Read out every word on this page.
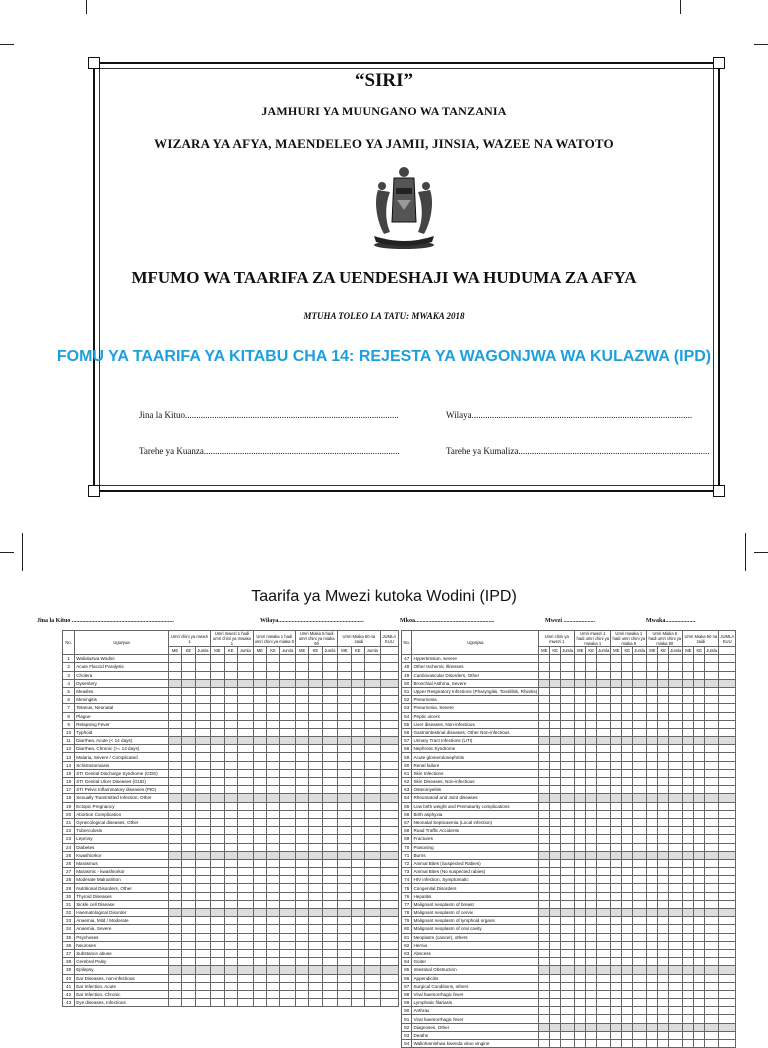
“SIRI”
JAMHURI YA MUUNGANO WA TANZANIA
WIZARA YA AFYA, MAENDELEO YA JAMII, JINSIA, WAZEE NA WATOTO
MFUMO WA TAARIFA ZA UENDESHAJI WA HUDUMA ZA AFYA
MTUHA TOLEO LA TATU: MWAKA 2018
FOMU YA TAARIFA YA KITABU CHA 14: REJESTA YA WAGONJWA WA KULAZWA (IPD)
Jina la Kituo...............................................................................................	Wilaya..................................................................................................
Tarehe ya Kuanza.......................................................................................	Tarehe ya Kumaliza.....................................................................................
Taarifa ya Mwezi kutoka Wodini (IPD)
Jina la Kituo ....................................................................	Wilaya.........................................................	Mkoa.....................................................	Mwezi .....................	Mwaka....................
No.	Ugonjwa	Umri chini ya mwezi 1			Umri mwezi 1 hadi umri chini ya mwaka 1			Umri mwaka 1 hadi umri chini ya miaka 5			Umri Miaka 5 hadi umri chini ya miaka 60			Umri Miaka 60 na zaidi			JUMLA KUU
		ME	KE	Jumla	ME	KE	Jumla	ME	KE	Jumla	ME	KE	Jumla	ME	KE	Jumla	
1	Waliolazwa Wodini																
2	Acute Flaccid Paralysis																
3	Cholera																
4	Dysentery																
5	Measles																
6	Meningitis																
7	Tetanus, Neonatal																
8	Plague																
9	Relapsing Fever																
10	Typhoid																
11	Diarrhea, Acute (< 14 days)																
12	Diarrhea, Chronic (>= 14 days)																
13	Malaria, Severe / Complicated																
14	Schistosomiasis																
15	STI Genital Discharge Syndrome (GDS)																
16	STI Genital Ulcer Diseases (GUD)																
17	STI Pelvic Inflammatory diseases (PID)																
18	Sexually Transmitted Infection, Other																
19	Ectopic Pregnancy																
20	Abortion Complication																
21	Gynecological diseases, Other																
22	Tuberculosis																
23	Leprosy																
24	Diabetes																
25	Kwashiorkor																
26	Marasmus																
27	Marasmic - kwashiorkor																
28	Moderate Malnutrition																
29	Nutritional Disorders, Other																
30	Thyroid Diseases																
31	Sickle cell Disease																
32	Haematological Disorder																
33	Anaemia, Mild / Moderate																
34	Anaemia, Severe																
35	Psychoses																
36	Neuroses																
37	Substance abuse																
38	Cerebral Palsy																
39	Epilepsy																
40	Ear Diseases, non-infectious																
41	Ear Infection, Acute																
42	Ear Infection, Chronic																
43	Eye diseases, Infectious																
No.	Ugonjwa	Umri chini ya mwezi 1			Umri mwezi 1 hadi umri chini ya mwaka 1			Umri mwaka 1 hadi umri chini ya miaka 5			Umri Miaka 5 hadi umri chini ya miaka 60			Umri Miaka 60 na zaidi			JUMLA KUU
		ME	KE	Jumla	ME	KE	Jumla	ME	KE	Jumla	ME	KE	Jumla	ME	KE	Jumla	
47	Hypertension, severe																
48	Other Ischemic Illnesses																
49	Cardiovascular Disorders, Other																
50	Bronchial Asthma, Severe																
51	Upper Respiratory Infections (Pharyngitis, Tonsillitis, Rhinitis)																
52	Pneumonia																
53	Pneumonia, Severe																
54	Peptic ulcers																
55	Liver diseases, Non-infectious																
56	Gastrointestinal diseases, Other Non-infectious																
57	Urinary Tract Infections (UTI)																
58	Nephrotic Syndrome																
59	Acute glomerulonephritis																
60	Renal failure																
61	Skin Infections																
62	Skin Diseases, Non-infectious																
63	Osteomyelitis																
64	Rheumatoid and Joint diseases																
65	Low birth weight and Prematurity complications																
66	Birth asphyxia																
67	Neonatal Septicaemia (Local infection)																
68	Road Traffic Accidents																
69	Fractures																
70	Poisoning																
71	Burns																
72	Animal Bites (Suspected Rabies)																
73	Animal Bites (No suspected rabies)																
74	HIV infection, Symptomatic																
75	Congenital Disorders																
76	Hepatitis																
77	Malignant neoplasm of breast																
78	Malignant neoplasm of cervix																
79	Malignant neoplasm of lymphoid organs																
80	Malignant neoplasm of oral cavity																
81	Neoplasm (cancer), others																
82	Hernia																
83	Abscess																
84	Goiter																
85	Intestinal Obstruction																
86	Appendicitis																
87	Surgical Conditions, others																
88	Viral haemorrhagic fever																
89	Lymphatic filariasis																
90	Anthrax																
91	Viral haemorrhagic fever																
92	Diagnoses, Other																
93	Deaths																
94	Waliohamishwa kwenda vituo vingine																
